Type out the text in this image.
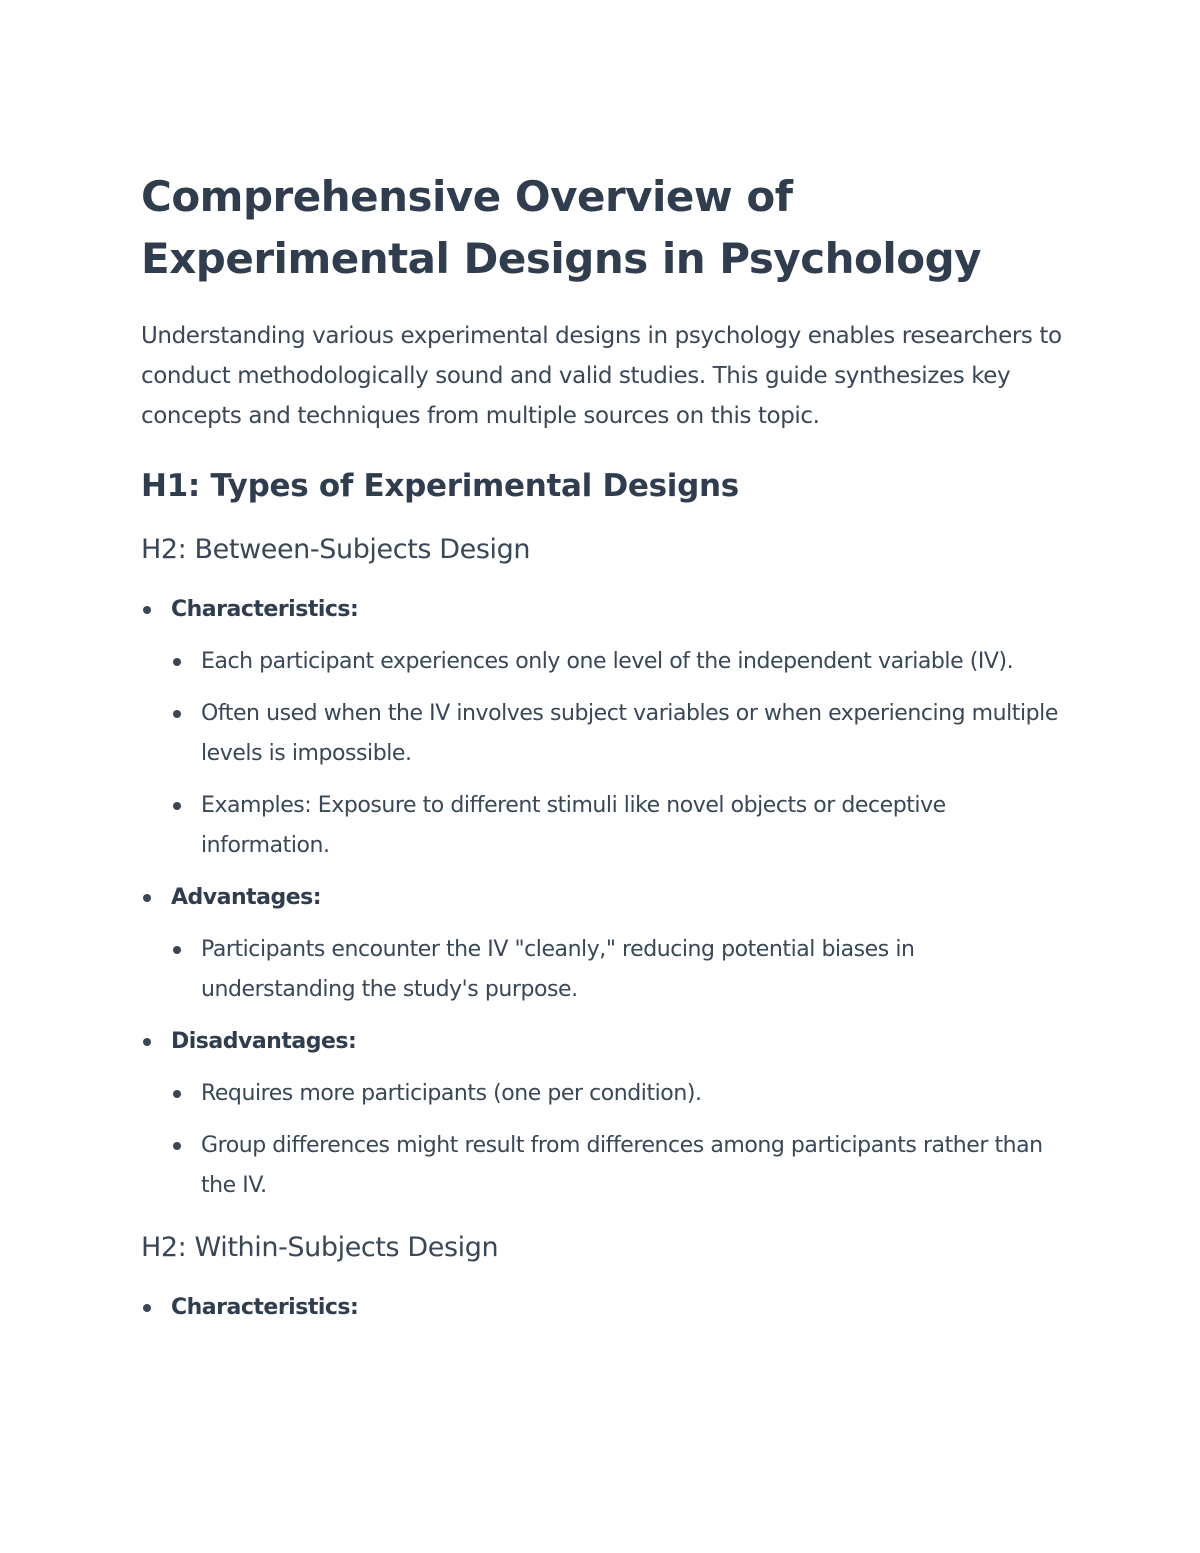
Comprehensive Overview of Experimental Designs in Psychology

Understanding various experimental designs in psychology enables researchers to conduct methodologically sound and valid studies. This guide synthesizes key concepts and techniques from multiple sources on this topic.

H1: Types of Experimental Designs
H2: Between-Subjects Design
Characteristics:
Each participant experiences only one level of the independent variable (IV).
Often used when the IV involves subject variables or when experiencing multiple levels is impossible.
Examples: Exposure to different stimuli like novel objects or deceptive information.
Advantages:
Participants encounter the IV "cleanly," reducing potential biases in understanding the study's purpose.
Disadvantages:
Requires more participants (one per condition).
Group differences might result from differences among participants rather than the IV.
H2: Within-Subjects Design
Characteristics:
